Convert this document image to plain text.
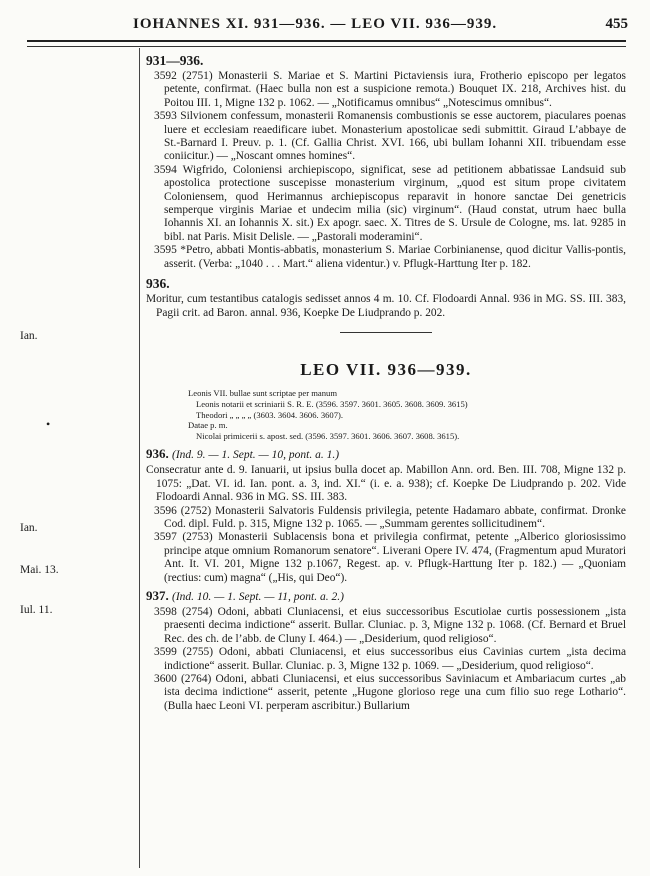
IOHANNES XI. 931—936. — LEO VII. 936—939.	455
Ian.
•
Ian.
Mai. 13.
Iul. 11.
931—936.

3592 (2751) Monasterii S. Mariae et S. Martini Pictaviensis iura, Frotherio episcopo per legatos petente, confirmat. (Haec bulla non est a suspicione remota.) Bouquet IX. 218, Archives hist. du Poitou III. 1, Migne 132 p. 1062. — „Notificamus omnibus“ „Notescimus omnibus“.

3593 Silvionem confessum, monasterii Romanensis combustionis se esse auctorem, piaculares poenas luere et ecclesiam reaedificare iubet. Monasterium apostolicae sedi submittit. Giraud L’abbaye de St.-Barnard I. Preuv. p. 1. (Cf. Gallia Christ. XVI. 166, ubi bullam Iohanni XII. tribuendam esse coniicitur.) — „Noscant omnes homines“.

3594 Wigfrido, Coloniensi archiepiscopo, significat, sese ad petitionem abbatissae Landsuid sub apostolica protectione suscepisse monasterium virginum, „quod est situm prope civitatem Coloniensem, quod Herimannus archiepiscopus reparavit in honore sanctae Dei genetricis semperque virginis Mariae et undecim milia (sic) virginum“. (Haud constat, utrum haec bulla Iohannis XI. an Iohannis X. sit.) Ex apogr. saec. X. Titres de S. Ursule de Cologne, ms. lat. 9285 in bibl. nat Paris. Misit Delisle. — „Pastorali moderamini“.

3595 *Petro, abbati Montis-abbatis, monasterium S. Mariae Corbinianense, quod dicitur Vallis-pontis, asserit. (Verba: „1040 . . . Mart.“ aliena videntur.) v. Pflugk-Harttung Iter p. 182.

936.

Moritur, cum testantibus catalogis sedisset annos 4 m. 10. Cf. Flodoardi Annal. 936 in MG. SS. III. 383, Pagii crit. ad Baron. annal. 936, Koepke De Liudprando p. 202.

LEO VII. 936—939.
Leonis VII. bullae sunt scriptae per manum
Leonis notarii et scriniarii S. R. E. (3596. 3597. 3601. 3605. 3608. 3609. 3615)
Theodori „ „ „ „ (3603. 3604. 3606. 3607).
Datae p. m.
Nicolai primicerii s. apost. sed. (3596. 3597. 3601. 3606. 3607. 3608. 3615).
936. (Ind. 9. — 1. Sept. — 10, pont. a. 1.)

Consecratur ante d. 9. Ianuarii, ut ipsius bulla docet ap. Mabillon Ann. ord. Ben. III. 708, Migne 132 p. 1075: „Dat. VI. id. Ian. pont. a. 3, ind. XI.“ (i. e. a. 938); cf. Koepke De Liudprando p. 202. Vide Flodoardi Annal. 936 in MG. SS. III. 383.

3596 (2752) Monasterii Salvatoris Fuldensis privilegia, petente Hadamaro abbate, confirmat. Dronke Cod. dipl. Fuld. p. 315, Migne 132 p. 1065. — „Summam gerentes sollicitudinem“.

3597 (2753) Monasterii Sublacensis bona et privilegia confirmat, petente „Alberico gloriosissimo principe atque omnium Romanorum senatore“. Liverani Opere IV. 474, (Fragmentum apud Muratori Ant. It. VI. 201, Migne 132 p.1067, Regest. ap. v. Pflugk-Harttung Iter p. 182.) — „Quoniam (rectius: cum) magna“ („His, qui Deo“).

937. (Ind. 10. — 1. Sept. — 11, pont. a. 2.)

3598 (2754) Odoni, abbati Cluniacensi, et eius successoribus Escutiolae curtis possessionem „ista praesenti decima indictione“ asserit. Bullar. Cluniac. p. 3, Migne 132 p. 1068. (Cf. Bernard et Bruel Rec. des ch. de l’abb. de Cluny I. 464.) — „Desiderium, quod religioso“.

3599 (2755) Odoni, abbati Cluniacensi, et eius successoribus eius Cavinias curtem „ista decima indictione“ asserit. Bullar. Cluniac. p. 3, Migne 132 p. 1069. — „Desiderium, quod religioso“.

3600 (2764) Odoni, abbati Cluniacensi, et eius successoribus Saviniacum et Ambariacum curtes „ab ista decima indictione“ asserit, petente „Hugone glorioso rege una cum filio suo rege Lothario“. (Bulla haec Leoni VI. perperam ascribitur.) Bullarium
